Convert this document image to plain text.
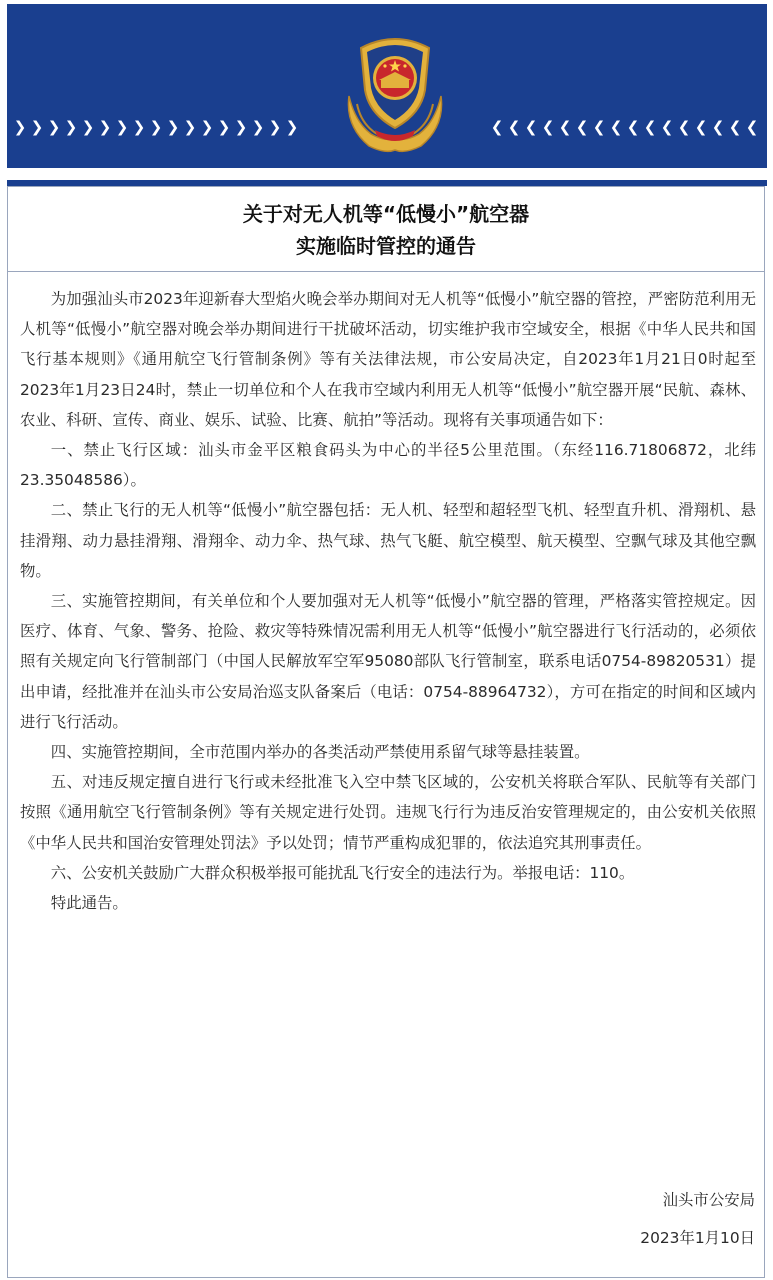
❯ ❯ ❯ ❯ ❯ ❯ ❯ ❯ ❯ ❯ ❯ ❯ ❯ ❯ ❯ ❯ ❯	❮ ❮ ❮ ❮ ❮ ❮ ❮ ❮ ❮ ❮ ❮ ❮ ❮ ❮ ❮ ❮
关于对无人机等“低慢小”航空器
实施临时管控的通告

为加强汕头市2023年迎新春大型焰火晚会举办期间对无人机等“低慢小”航空器的管控，严密防范利用无人机等“低慢小”航空器对晚会举办期间进行干扰破坏活动，切实维护我市空域安全，根据《中华人民共和国飞行基本规则》《通用航空飞行管制条例》等有关法律法规，市公安局决定，自2023年1月21日0时起至2023年1月23日24时，禁止一切单位和个人在我市空域内利用无人机等“低慢小”航空器开展“民航、森林、农业、科研、宣传、商业、娱乐、试验、比赛、航拍”等活动。现将有关事项通告如下：

一、禁止飞行区域：汕头市金平区粮食码头为中心的半径5公里范围。（东经116.71806872，北纬23.35048586）。

二、禁止飞行的无人机等“低慢小”航空器包括：无人机、轻型和超轻型飞机、轻型直升机、滑翔机、悬挂滑翔、动力悬挂滑翔、滑翔伞、动力伞、热气球、热气飞艇、航空模型、航天模型、空飘气球及其他空飘物。

三、实施管控期间，有关单位和个人要加强对无人机等“低慢小”航空器的管理，严格落实管控规定。因医疗、体育、气象、警务、抢险、救灾等特殊情况需利用无人机等“低慢小”航空器进行飞行活动的，必须依照有关规定向飞行管制部门（中国人民解放军空军95080部队飞行管制室，联系电话0754-89820531）提出申请，经批准并在汕头市公安局治巡支队备案后（电话：0754-88964732），方可在指定的时间和区域内进行飞行活动。

四、实施管控期间，全市范围内举办的各类活动严禁使用系留气球等悬挂装置。

五、对违反规定擅自进行飞行或未经批准飞入空中禁飞区域的，公安机关将联合军队、民航等有关部门按照《通用航空飞行管制条例》等有关规定进行处罚。违规飞行行为违反治安管理规定的，由公安机关依照《中华人民共和国治安管理处罚法》予以处罚；情节严重构成犯罪的，依法追究其刑事责任。

六、公安机关鼓励广大群众积极举报可能扰乱飞行安全的违法行为。举报电话：110。

特此通告。

汕头市公安局
2023年1月10日
